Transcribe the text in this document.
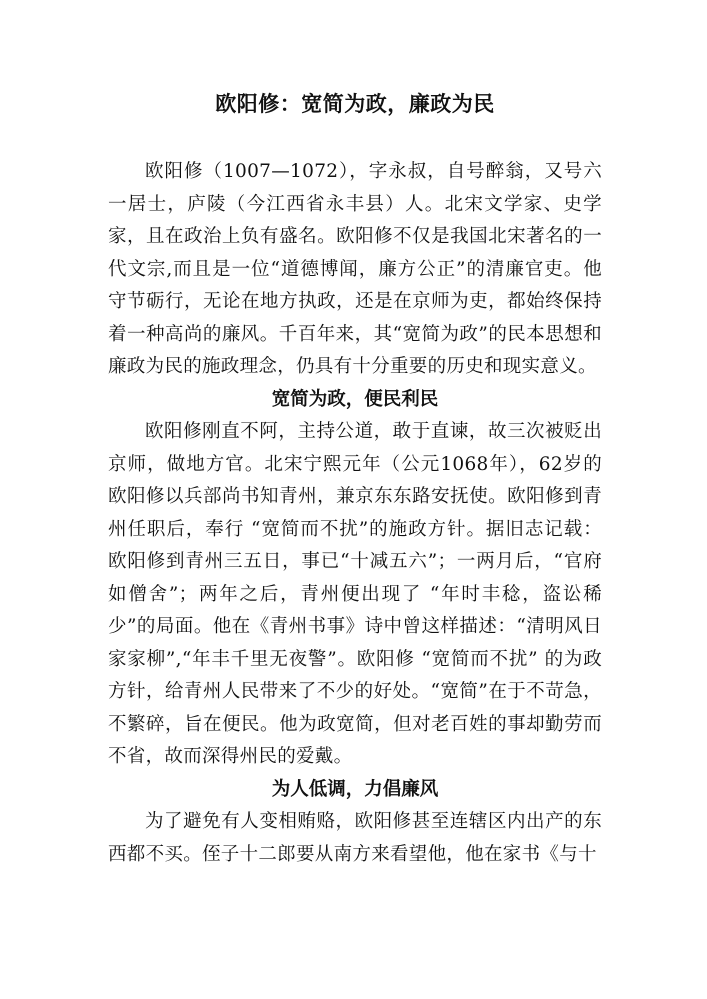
欧阳修：宽简为政，廉政为民

欧阳修（1007—1072），字永叔，自号醉翁，又号六一居士，庐陵（今江西省永丰县）人。北宋文学家、史学家，且在政治上负有盛名。欧阳修不仅是我国北宋著名的一代文宗,而且是一位“道德博闻，廉方公正”的清廉官吏。他守节砺行，无论在地方执政，还是在京师为吏，都始终保持着一种高尚的廉风。千百年来，其“宽简为政”的民本思想和廉政为民的施政理念，仍具有十分重要的历史和现实意义。

宽简为政，便民利民

欧阳修刚直不阿，主持公道，敢于直谏，故三次被贬出京师，做地方官。北宋宁熙元年（公元1068年），62岁的欧阳修以兵部尚书知青州，兼京东东路安抚使。欧阳修到青州任职后，奉行 “宽简而不扰”的施政方针。据旧志记载：欧阳修到青州三五日，事已“十减五六”；一两月后，“官府如僧舍”；两年之后，青州便出现了 “年时丰稔，盗讼稀少”的局面。他在《青州书事》诗中曾这样描述：“清明风日家家柳”,“年丰千里无夜警”。欧阳修 “宽简而不扰” 的为政方针，给青州人民带来了不少的好处。“宽简”在于不苛急，不繁碎，旨在便民。他为政宽简，但对老百姓的事却勤劳而不省，故而深得州民的爱戴。

为人低调，力倡廉风

为了避免有人变相贿赂，欧阳修甚至连辖区内出产的东西都不买。侄子十二郎要从南方来看望他，他在家书《与十
